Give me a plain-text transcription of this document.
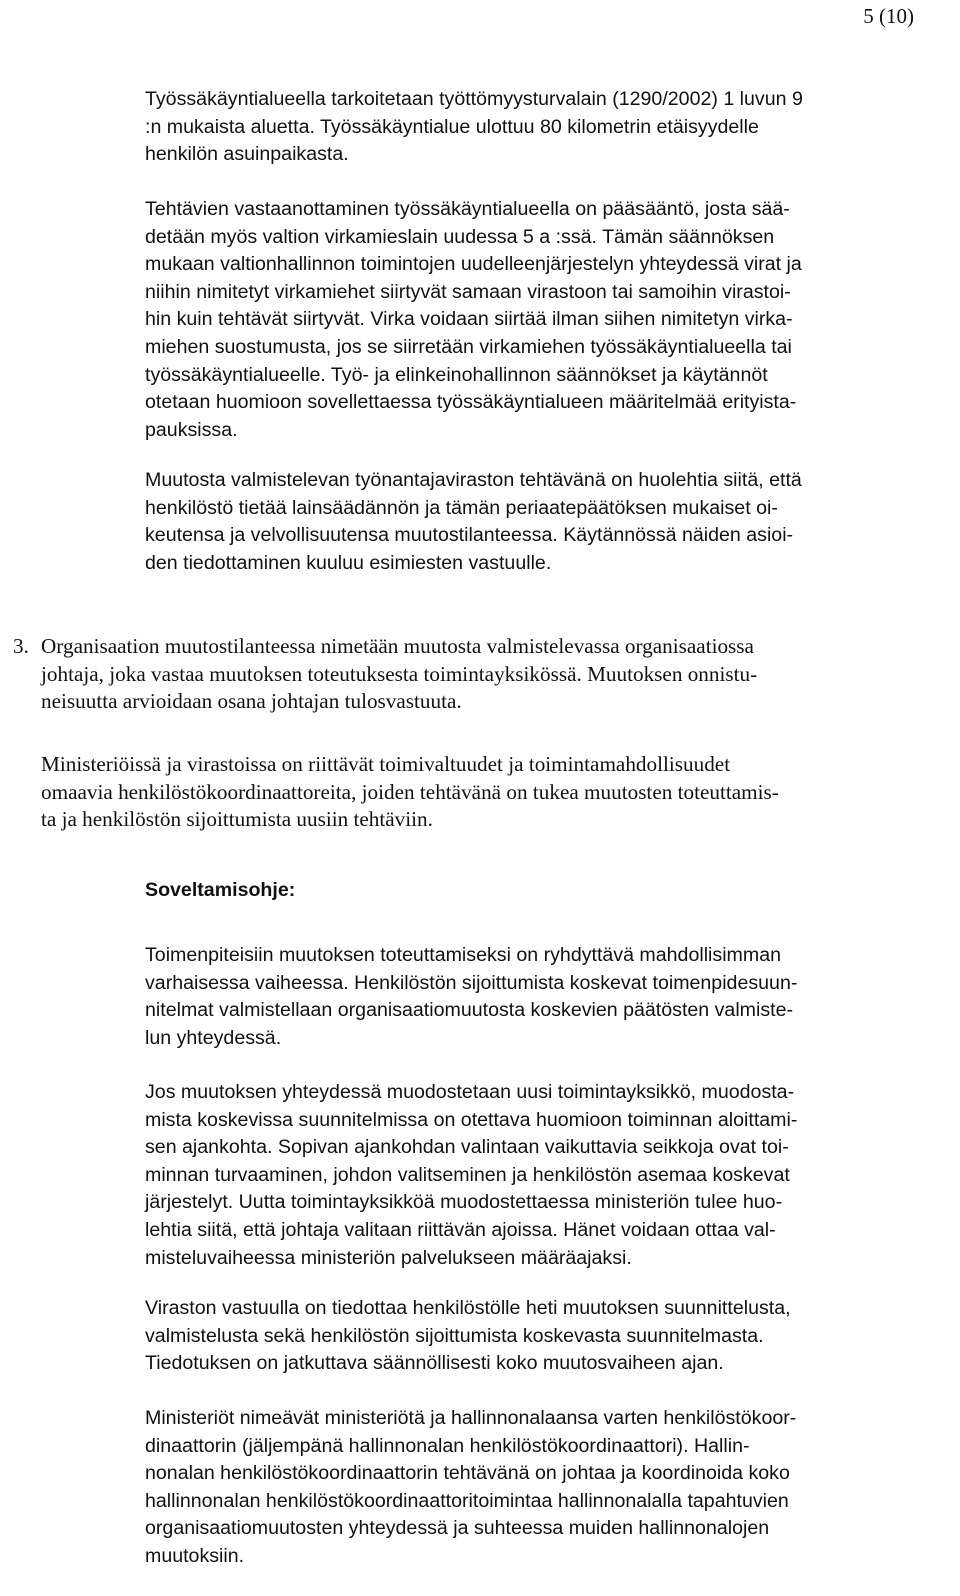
5 (10)
Työssäkäyntialueella tarkoitetaan työttömyysturvalain (1290/2002) 1 luvun 9
:n mukaista aluetta. Työssäkäyntialue ulottuu 80 kilometrin etäisyydelle
henkilön asuinpaikasta.
Tehtävien vastaanottaminen työssäkäyntialueella on pääsääntö, josta sää-
detään myös valtion virkamieslain uudessa 5 a :ssä. Tämän säännöksen
mukaan valtionhallinnon toimintojen uudelleenjärjestelyn yhteydessä virat ja
niihin nimitetyt virkamiehet siirtyvät samaan virastoon tai samoihin virastoi-
hin kuin tehtävät siirtyvät. Virka voidaan siirtää ilman siihen nimitetyn virka-
miehen suostumusta, jos se siirretään virkamiehen työssäkäyntialueella tai
työssäkäyntialueelle. Työ- ja elinkeinohallinnon säännökset ja käytännöt
otetaan huomioon sovellettaessa työssäkäyntialueen määritelmää erityista-
pauksissa.
Muutosta valmistelevan työnantajaviraston tehtävänä on huolehtia siitä, että
henkilöstö tietää lainsäädännön ja tämän periaatepäätöksen mukaiset oi-
keutensa ja velvollisuutensa muutostilanteessa. Käytännössä näiden asioi-
den tiedottaminen kuuluu esimiesten vastuulle.
3. Organisaation muutostilanteessa nimetään muutosta valmistelevassa organisaatiossa
johtaja, joka vastaa muutoksen toteutuksesta toimintayksikössä. Muutoksen onnistu-
neisuutta arvioidaan osana johtajan tulosvastuuta.
Ministeriöissä ja virastoissa on riittävät toimivaltuudet ja toimintamahdollisuudet
omaavia henkilöstökoordinaattoreita, joiden tehtävänä on tukea muutosten toteuttamis-
ta ja henkilöstön sijoittumista uusiin tehtäviin.
Soveltamisohje:
Toimenpiteisiin muutoksen toteuttamiseksi on ryhdyttävä mahdollisimman
varhaisessa vaiheessa. Henkilöstön sijoittumista koskevat toimenpidesuun-
nitelmat valmistellaan organisaatiomuutosta koskevien päätösten valmiste-
lun yhteydessä.
Jos muutoksen yhteydessä muodostetaan uusi toimintayksikkö, muodosta-
mista koskevissa suunnitelmissa on otettava huomioon toiminnan aloittami-
sen ajankohta. Sopivan ajankohdan valintaan vaikuttavia seikkoja ovat toi-
minnan turvaaminen, johdon valitseminen ja henkilöstön asemaa koskevat
järjestelyt. Uutta toimintayksikköä muodostettaessa ministeriön tulee huo-
lehtia siitä, että johtaja valitaan riittävän ajoissa. Hänet voidaan ottaa val-
misteluvaiheessa ministeriön palvelukseen määräajaksi.
Viraston vastuulla on tiedottaa henkilöstölle heti muutoksen suunnittelusta,
valmistelusta sekä henkilöstön sijoittumista koskevasta suunnitelmasta.
Tiedotuksen on jatkuttava säännöllisesti koko muutosvaiheen ajan.
Ministeriöt nimeävät ministeriötä ja hallinnonalaansa varten henkilöstökoor-
dinaattorin (jäljempänä hallinnonalan henkilöstökoordinaattori). Hallin-
nonalan henkilöstökoordinaattorin tehtävänä on johtaa ja koordinoida koko
hallinnonalan henkilöstökoordinaattoritoimintaa hallinnonalalla tapahtuvien
organisaatiomuutosten yhteydessä ja suhteessa muiden hallinnonalojen
muutoksiin.
